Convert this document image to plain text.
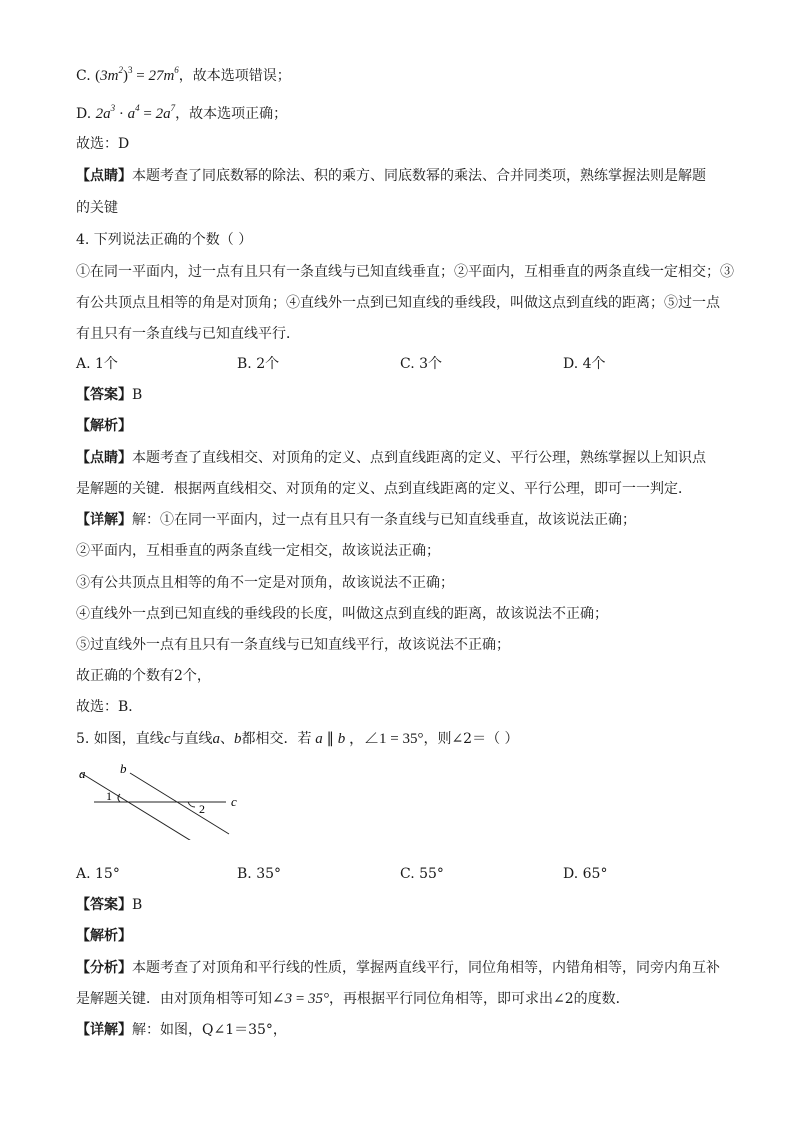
C. $(3m^2)^3 = 27m^6$，故本选项错误；
D. $2a^3 \cdot a^4 = 2a^7$，故本选项正确；
故选：D
【点睛】本题考查了同底数幂的除法、积的乘方、同底数幂的乘法、合并同类项，熟练掌握法则是解题
的关键
4. 下列说法正确的个数（ ）
①在同一平面内，过一点有且只有一条直线与已知直线垂直；②平面内，互相垂直的两条直线一定相交；③
有公共顶点且相等的角是对顶角；④直线外一点到已知直线的垂线段，叫做这点到直线的距离；⑤过一点
有且只有一条直线与已知直线平行．
A. 1个	B. 2个	C. 3个	D. 4个
【答案】B
【解析】
【点睛】本题考查了直线相交、对顶角的定义、点到直线距离的定义、平行公理，熟练掌握以上知识点
是解题的关键．根据两直线相交、对顶角的定义、点到直线距离的定义、平行公理，即可一一判定．
【详解】解：①在同一平面内，过一点有且只有一条直线与已知直线垂直，故该说法正确；
②平面内，互相垂直的两条直线一定相交，故该说法正确；
③有公共顶点且相等的角不一定是对顶角，故该说法不正确；
④直线外一点到已知直线的垂线段的长度，叫做这点到直线的距离，故该说法不正确；
⑤过直线外一点有且只有一条直线与已知直线平行，故该说法不正确；
故正确的个数有2个，
故选：B．
5. 如图，直线c与直线a、b都相交．若 a ∥ b ，∠1 = 35°，则∠2＝（ ）
a	b
c
1
2
A. 15°	B. 35°	C. 55°	D. 65°
【答案】B
【解析】
【分析】本题考查了对顶角和平行线的性质，掌握两直线平行，同位角相等，内错角相等，同旁内角互补
是解题关键．由对顶角相等可知∠3 = 35°，再根据平行同位角相等，即可求出∠2的度数．
【详解】解：如图，Q∠1＝35°，
